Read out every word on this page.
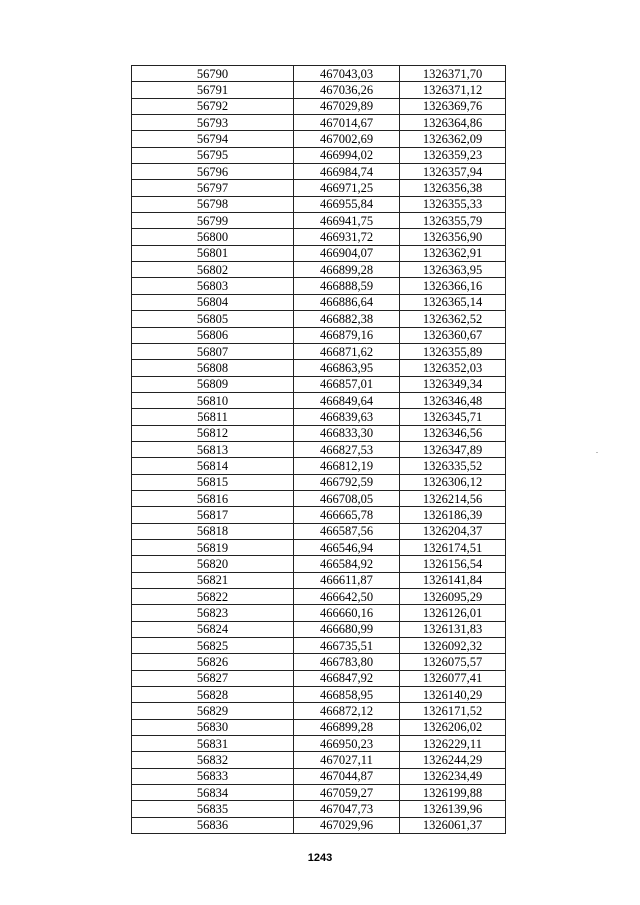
56790	467043,03	1326371,70
56791	467036,26	1326371,12
56792	467029,89	1326369,76
56793	467014,67	1326364,86
56794	467002,69	1326362,09
56795	466994,02	1326359,23
56796	466984,74	1326357,94
56797	466971,25	1326356,38
56798	466955,84	1326355,33
56799	466941,75	1326355,79
56800	466931,72	1326356,90
56801	466904,07	1326362,91
56802	466899,28	1326363,95
56803	466888,59	1326366,16
56804	466886,64	1326365,14
56805	466882,38	1326362,52
56806	466879,16	1326360,67
56807	466871,62	1326355,89
56808	466863,95	1326352,03
56809	466857,01	1326349,34
56810	466849,64	1326346,48
56811	466839,63	1326345,71
56812	466833,30	1326346,56
56813	466827,53	1326347,89
56814	466812,19	1326335,52
56815	466792,59	1326306,12
56816	466708,05	1326214,56
56817	466665,78	1326186,39
56818	466587,56	1326204,37
56819	466546,94	1326174,51
56820	466584,92	1326156,54
56821	466611,87	1326141,84
56822	466642,50	1326095,29
56823	466660,16	1326126,01
56824	466680,99	1326131,83
56825	466735,51	1326092,32
56826	466783,80	1326075,57
56827	466847,92	1326077,41
56828	466858,95	1326140,29
56829	466872,12	1326171,52
56830	466899,28	1326206,02
56831	466950,23	1326229,11
56832	467027,11	1326244,29
56833	467044,87	1326234,49
56834	467059,27	1326199,88
56835	467047,73	1326139,96
56836	467029,96	1326061,37
1243
